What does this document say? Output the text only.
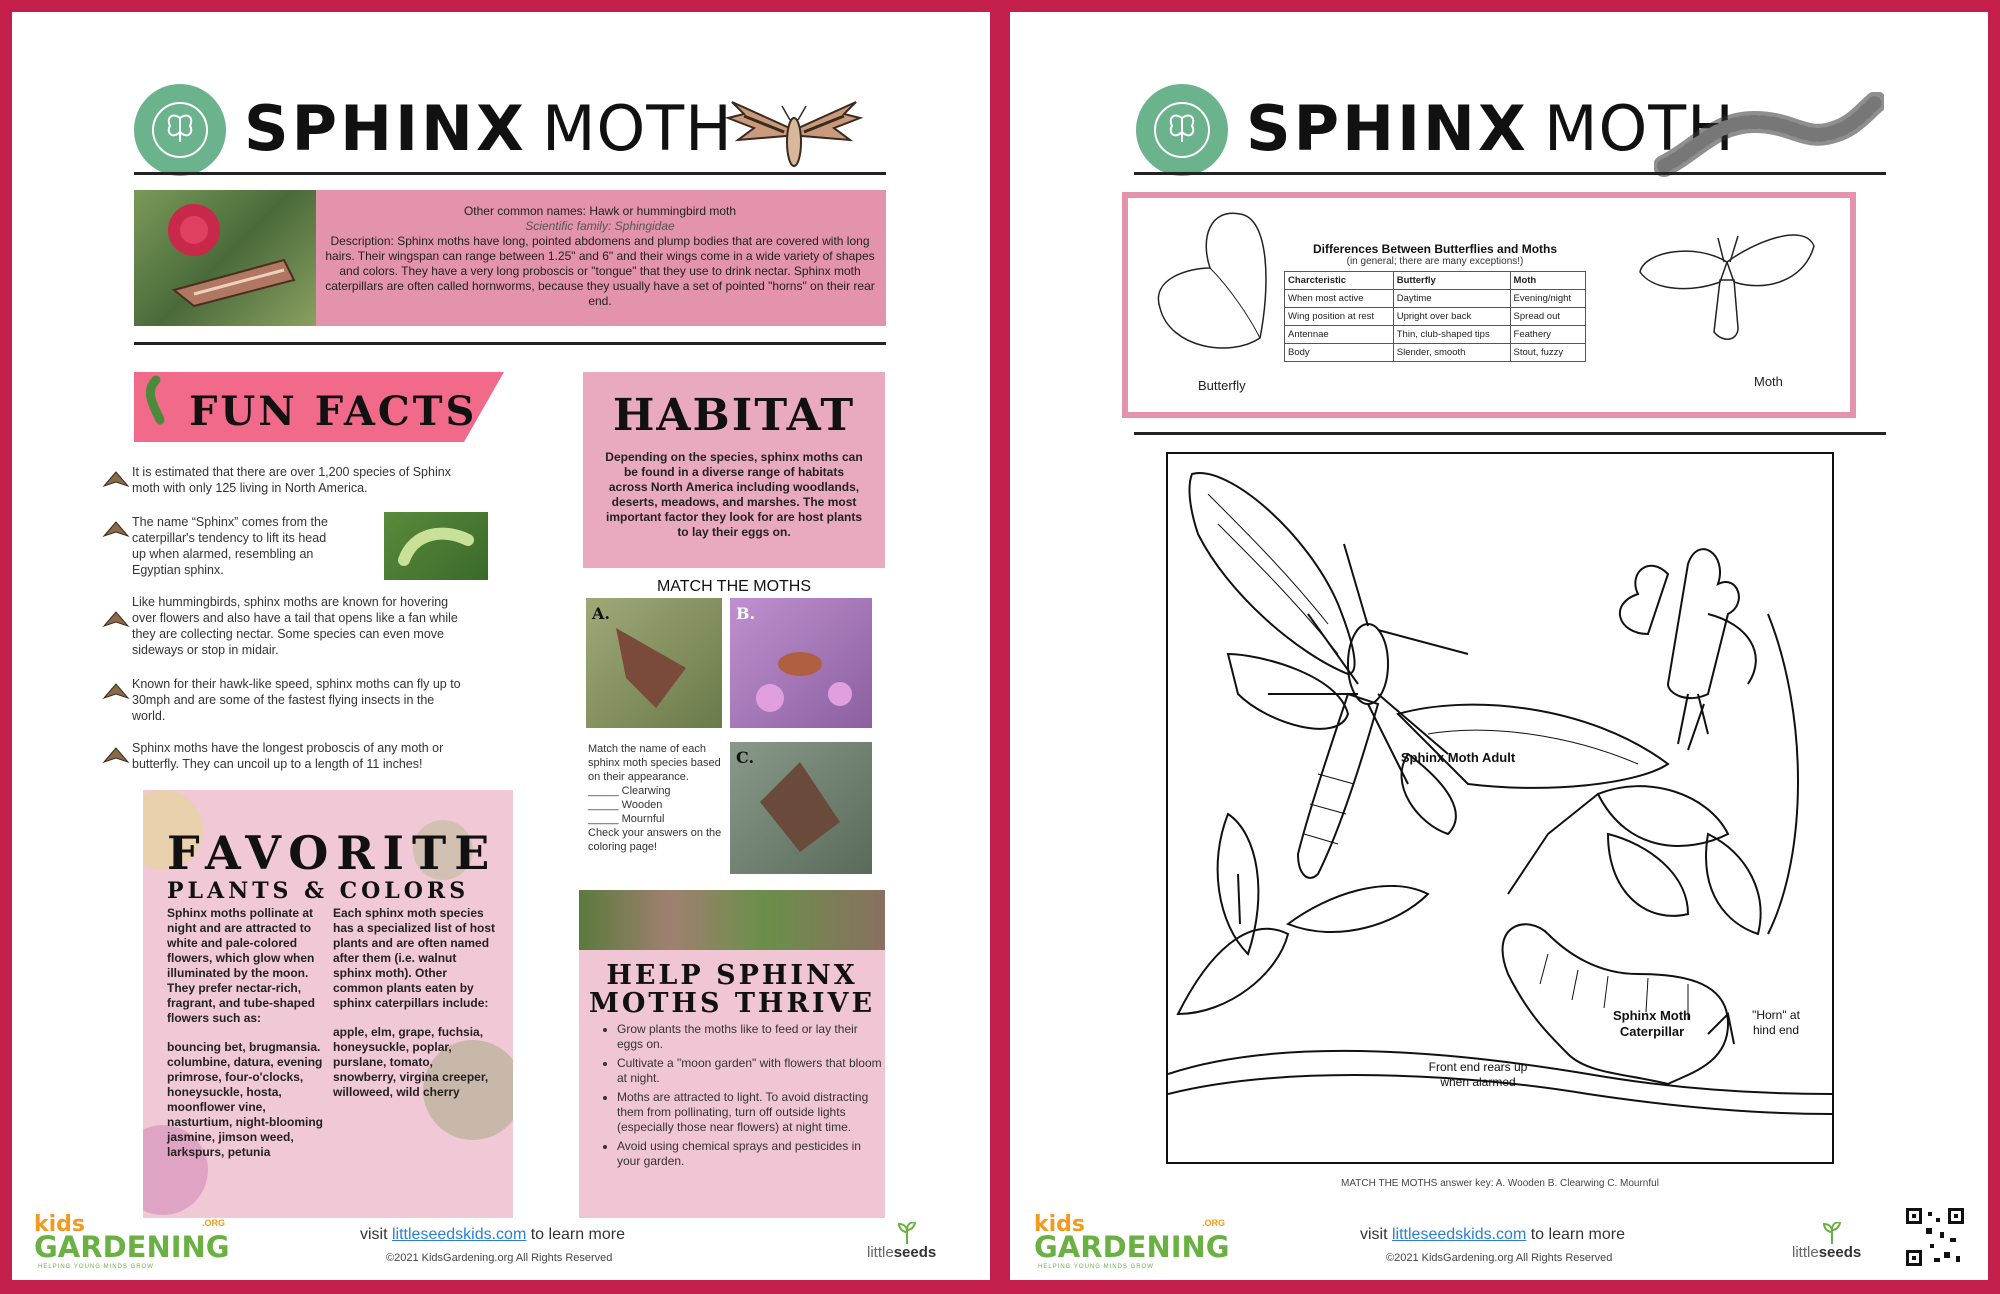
SPHINX MOTH
Other common names: Hawk or hummingbird moth
Scientific family: Sphingidae
Description: Sphinx moths have long, pointed abdomens and plump bodies that are covered with long hairs. Their wingspan can range between 1.25" and 6" and their wings come in a wide variety of shapes and colors. They have a very long proboscis or "tongue" that they use to drink nectar. Sphinx moth caterpillars are often called hornworms, because they usually have a set of pointed "horns" on their rear end.
FUN FACTS
It is estimated that there are over 1,200 species of Sphinx moth with only 125 living in North America.
The name “Sphinx” comes from the caterpillar's tendency to lift its head up when alarmed, resembling an Egyptian sphinx.
Like hummingbirds, sphinx moths are known for hovering over flowers and also have a tail that opens like a fan while they are collecting nectar. Some species can even move sideways or stop in midair.
Known for their hawk-like speed, sphinx moths can fly up to 30mph and are some of the fastest flying insects in the world.
Sphinx moths have the longest proboscis of any moth or butterfly. They can uncoil up to a length of 11 inches!
FAVORITE
PLANTS & COLORS
Sphinx moths pollinate at night and are attracted to white and pale-colored flowers, which glow when illuminated by the moon. They prefer nectar-rich, fragrant, and tube-shaped flowers such as:
bouncing bet, brugmansia. columbine, datura, evening primrose, four-o'clocks, honeysuckle, hosta, moonflower vine, nasturtium, night-blooming jasmine, jimson weed, larkspurs, petunia
Each sphinx moth species has a specialized list of host plants and are often named after them (i.e. walnut sphinx moth). Other common plants eaten by sphinx caterpillars include:
apple, elm, grape, fuchsia, honeysuckle, poplar, purslane, tomato, snowberry, virgina creeper, willoweed, wild cherry
HABITAT
Depending on the species, sphinx moths can be found in a diverse range of habitats across North America including woodlands, deserts, meadows, and marshes. The most important factor they look for are host plants to lay their eggs on.
MATCH THE MOTHS
A.	B.
Match the name of each sphinx moth species based on their appearance.
_____ Clearwing
_____ Wooden
_____ Mournful
Check your answers on the coloring page!
C.
HELP SPHINX
MOTHS THRIVE
• Grow plants the moths like to feed or lay their eggs on.
• Cultivate a "moon garden" with flowers that bloom at night.
• Moths are attracted to light. To avoid distracting them from pollinating, turn off outside lights (especially those near flowers) at night time.
• Avoid using chemical sprays and pesticides in your garden.
kids	.ORG
GARDENING
HELPING YOUNG MINDS GROW
visit littleseedskids.com to learn more
©2021 KidsGardening.org All Rights Reserved	littleseeds
SPHINX MOTH
Butterfly
Differences Between Butterflies and Moths
(in general; there are many exceptions!)
Charcteristic	Butterfly	Moth
When most active	Daytime	Evening/night
Wing position at rest	Upright over back	Spread out
Antennae	Thin, club-shaped tips	Feathery
Body	Slender, smooth	Stout, fuzzy
Moth
Sphinx Moth Adult
Sphinx Moth
Caterpillar
"Horn" at
hind end
Front end rears up
when alarmed
MATCH THE MOTHS answer key: A. Wooden B. Clearwing C. Mournful
kids	.ORG
GARDENING
HELPING YOUNG MINDS GROW
visit littleseedskids.com to learn more
©2021 KidsGardening.org All Rights Reserved	littleseeds
